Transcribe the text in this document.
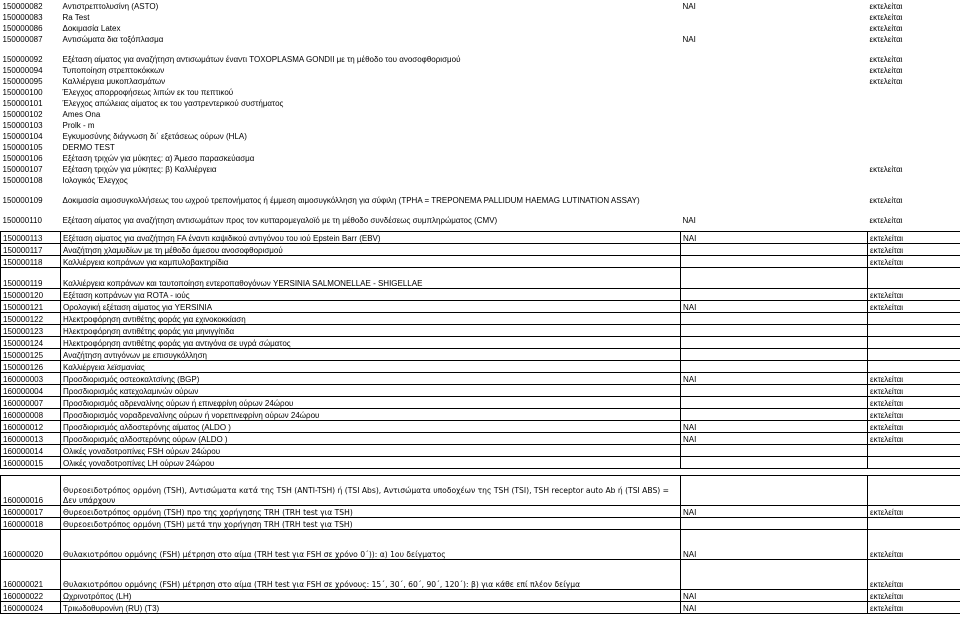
150000082	Αντιστρεπτολυσίνη (ASTO)	ΝΑΙ	εκτελείται
150000083	Ra Test		εκτελείται
150000086	Δοκιμασία Latex		εκτελείται
150000087	Αντισώματα δια τοξόπλασμα	ΝΑΙ	εκτελείται
150000092	Εξέταση αίματος για αναζήτηση αντισωμάτων έναντι TOXOPLASMA GONDII με τη μέθοδο του ανοσοφθορισμού		εκτελείται
150000094	Τυποποίηση στρεπτοκόκκων		εκτελείται
150000095	Καλλιέργεια μυκοπλασμάτων		εκτελείται
150000100	Έλεγχος απορροφήσεως λιπών εκ του πεπτικού		
150000101	Έλεγχος απώλειας αίματος εκ του γαστρεντερικού συστήματος		
150000102	Ames Ona		
150000103	Prolk - m		
150000104	Εγκυμοσύνης διάγνωση δι΄ εξετάσεως ούρων (HLA)		
150000105	DERMO TEST		
150000106	Εξέταση τριχών για μύκητες: α) Άμεσο παρασκεύασμα		
150000107	Εξέταση τριχών για μύκητες: β) Καλλιέργεια		εκτελείται
150000108	Ιολογικός Έλεγχος		
150000109	Δοκιμασία αιμοσυγκολλήσεως του ωχρού τρεπονήματος ή έμμεση αιμοσυγκόλληση για σύφιλη (TPHA = TREPONEMA PALLIDUM HAEMAG LUTINATION ASSAY)		εκτελείται
150000110	Εξέταση αίματος για αναζήτηση αντισωμάτων προς τον κυτταρομεγαλοϊό με τη μέθοδο συνδέσεως συμπληρώματος (CMV)	ΝΑΙ	εκτελείται

150000113	Εξέταση αίματος για αναζήτηση FA έναντι καψιδικού αντιγόνου του ιού Epstein Barr (EBV)	ΝΑΙ	εκτελείται
150000117	Αναζήτηση χλαμυδίων με τη μέθοδο άμεσου ανοσοφθορισμού		εκτελείται
150000118	Καλλιέργεια κοπράνων για καμπυλοβακτηρίδια		εκτελείται
150000119	Καλλιέργεια κοπράνων και ταυτοποίηση εντεροπαθογόνων YERSINIA SALMONELLAE - SHIGELLAE		
150000120	Εξέταση κοπράνων για ROTA - ιούς		εκτελείται
150000121	Ορολογική εξέταση αίματος για YERSINIA	ΝΑΙ	εκτελείται
150000122	Ηλεκτροφόρηση αντιθέτης φοράς για εχινοκοκκίαση		
150000123	Ηλεκτροφόρηση αντιθέτης φοράς για μηνιγγίτιδα		
150000124	Ηλεκτροφόρηση αντιθέτης φοράς για αντιγόνα σε υγρά σώματος		
150000125	Αναζήτηση αντιγόνων με επισυγκόλληση		
150000126	Καλλιέργεια λεϊσμανίας		
160000003	Προσδιορισμός οστεοκαλτσίνης (BGP)	ΝΑΙ	εκτελείται
160000004	Προσδιορισμός κατεχολαμινών ούρων		εκτελείται
160000007	Προσδιορισμός αδρεναλίνης ούρων ή επινεφρίνη ούρων 24ώρου		εκτελείται
160000008	Προσδιορισμός νοραδρεναλίνης ούρων ή νορεπινεφρίνη ούρων 24ώρου		εκτελείται
160000012	Προσδιορισμός αλδοστερόνης αίματος (ALDO )	ΝΑΙ	εκτελείται
160000013	Προσδιορισμός αλδοστερόνης ούρων (ALDO )	ΝΑΙ	εκτελείται
160000014	Ολικές γοναδοτροπίνες FSH ούρων 24ώρου		
160000015	Ολικές γοναδοτροπίνες LH ούρων 24ώρου		

160000016	Θυρεοειδοτρόπος ορμόνη (TSH), Αντισώματα κατά της TSH (ANTI-TSH) ή (TSI Abs), Αντισώματα υποδοχέων της TSH (TSI), TSH receptor auto Ab ή (TSI ABS) = Δεν υπάρχουν		
160000017	Θυρεοειδοτρόπος ορμόνη (TSH) προ της χορήγησης TRH (TRH test για TSH)	ΝΑΙ	εκτελείται
160000018	Θυρεοειδοτρόπος ορμόνη (TSH) μετά την χορήγηση TRH (TRH test για TSH)		
160000020	Θυλακιοτρόπου ορμόνης (FSH) μέτρηση στο αίμα (TRH test για FSH σε χρόνο 0΄)): α) 1ου δείγματος	ΝΑΙ	εκτελείται
160000021	Θυλακιοτρόπου ορμόνης (FSH) μέτρηση στο αίμα (TRH test για FSH σε χρόνους: 15΄, 30΄, 60΄, 90΄, 120΄): β) για κάθε επί πλέον δείγμα		εκτελείται
160000022	Ωχρινοτρόπος (LH)	ΝΑΙ	εκτελείται
160000024	Τριιωδοθυρονίνη (RU) (T3)	ΝΑΙ	εκτελείται
